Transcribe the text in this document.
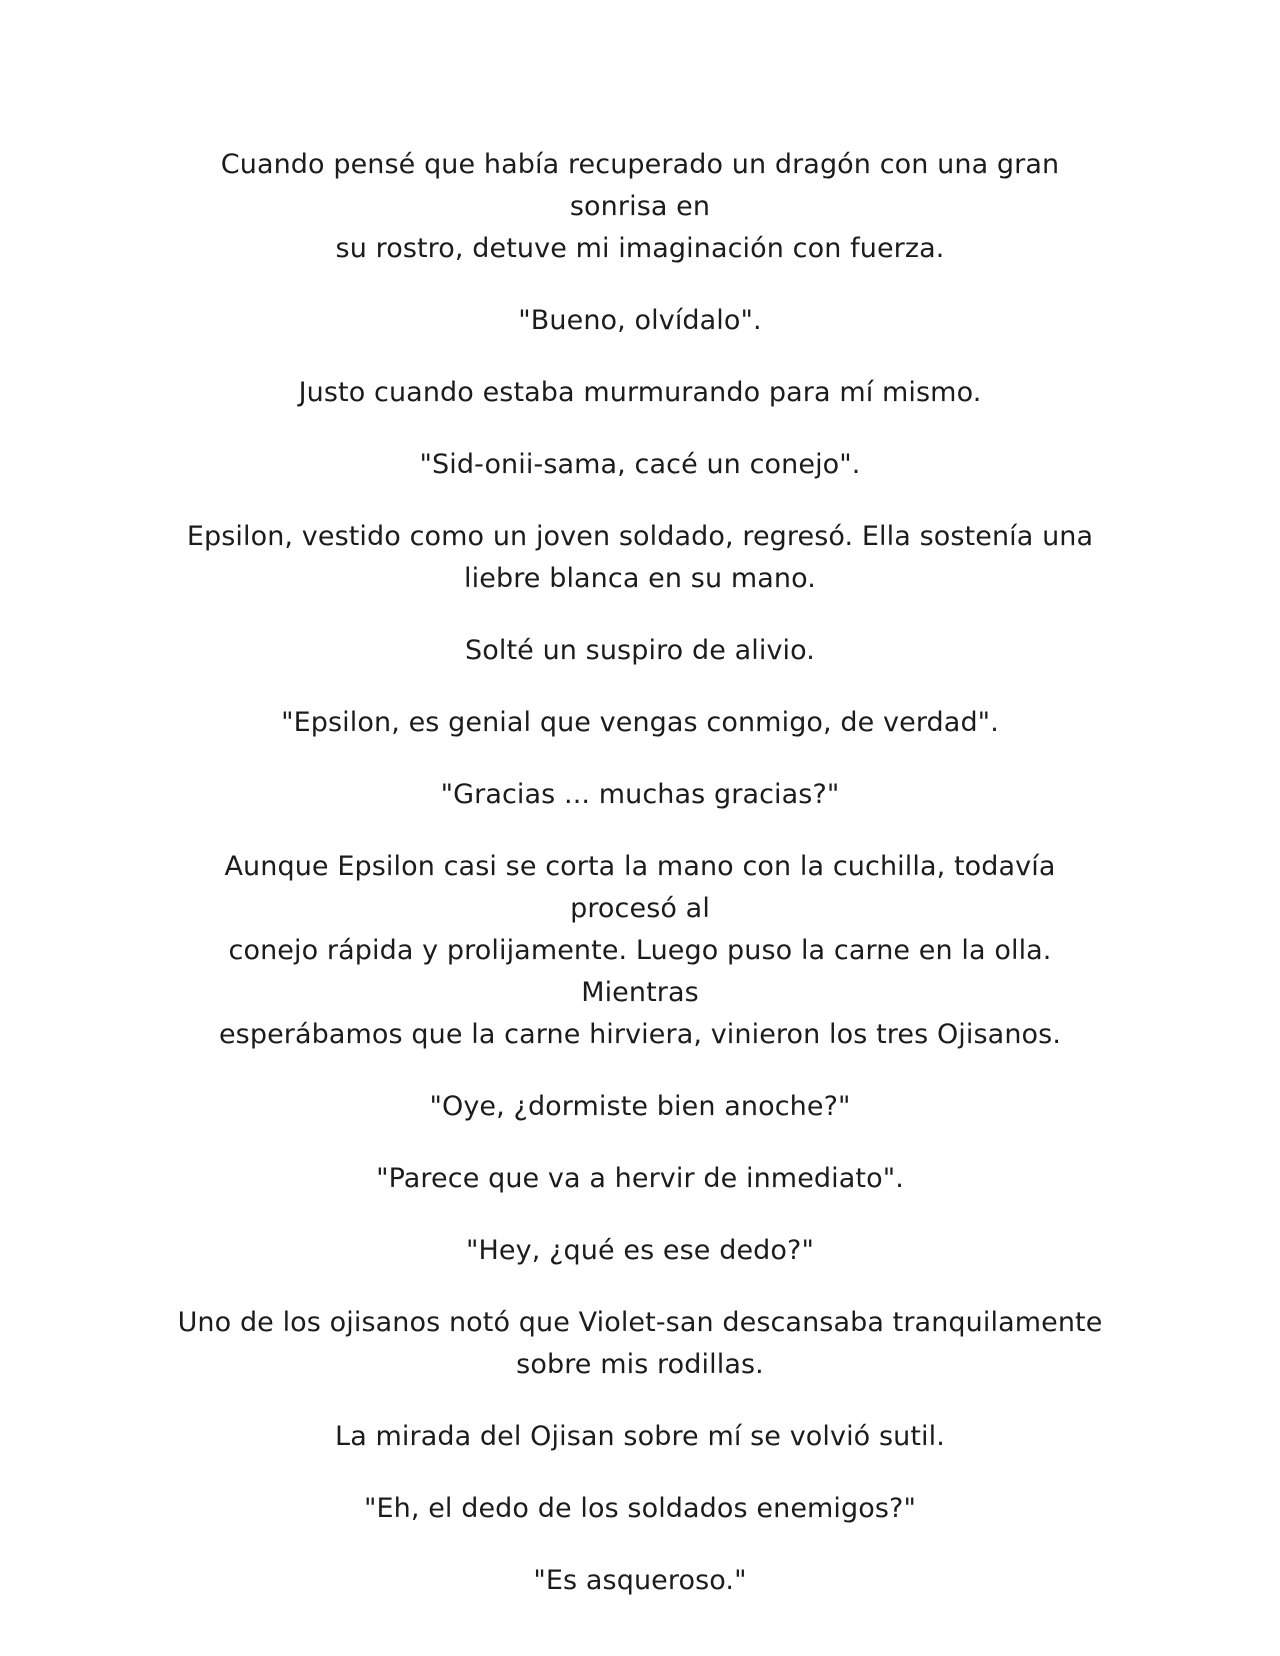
Cuando pensé que había recuperado un dragón con una gran sonrisa en
su rostro, detuve mi imaginación con fuerza.

"Bueno, olvídalo".

Justo cuando estaba murmurando para mí mismo.

"Sid-onii-sama, cacé un conejo".

Epsilon, vestido como un joven soldado, regresó. Ella sostenía una
liebre blanca en su mano.

Solté un suspiro de alivio.

"Epsilon, es genial que vengas conmigo, de verdad".

"Gracias ... muchas gracias?"

Aunque Epsilon casi se corta la mano con la cuchilla, todavía procesó al
conejo rápida y prolijamente. Luego puso la carne en la olla. Mientras
esperábamos que la carne hirviera, vinieron los tres Ojisanos.

"Oye, ¿dormiste bien anoche?"

"Parece que va a hervir de inmediato".

"Hey, ¿qué es ese dedo?"

Uno de los ojisanos notó que Violet-san descansaba tranquilamente
sobre mis rodillas.

La mirada del Ojisan sobre mí se volvió sutil.

"Eh, el dedo de los soldados enemigos?"

"Es asqueroso."
